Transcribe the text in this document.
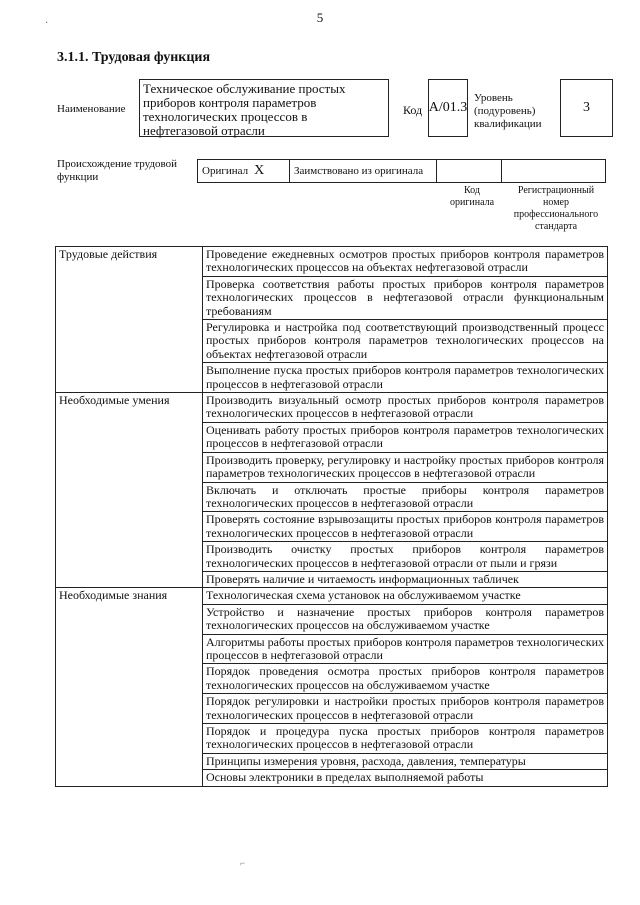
5
·
3.1.1. Трудовая функция
Наименование
Техническое обслуживание простых приборов контроля параметров технологических процессов в нефтегазовой отрасли
Код А/01.3
Уровень (подуровень) квалификации
3
Происхождение трудовой функции	Оригинал X	Заимствовано из оригинала		
Код оригинала
Регистрационный номер профессионального стандарта
Трудовые действия	Проведение ежедневных осмотров простых приборов контроля параметров технологических процессов на объектах нефтегазовой отрасли
	Проверка соответствия работы простых приборов контроля параметров технологических процессов в нефтегазовой отрасли функциональным требованиям
	Регулировка и настройка под соответствующий производственный процесс простых приборов контроля параметров технологических процессов на объектах нефтегазовой отрасли
	Выполнение пуска простых приборов контроля параметров технологических процессов в нефтегазовой отрасли
Необходимые умения	Производить визуальный осмотр простых приборов контроля параметров технологических процессов в нефтегазовой отрасли
	Оценивать работу простых приборов контроля параметров технологических процессов в нефтегазовой отрасли
	Производить проверку, регулировку и настройку простых приборов контроля параметров технологических процессов в нефтегазовой отрасли
	Включать и отключать простые приборы контроля параметров технологических процессов в нефтегазовой отрасли
	Проверять состояние взрывозащиты простых приборов контроля параметров технологических процессов в нефтегазовой отрасли
	Производить очистку простых приборов контроля параметров технологических процессов в нефтегазовой отрасли от пыли и грязи
	Проверять наличие и читаемость информационных табличек
Необходимые знания	Технологическая схема установок на обслуживаемом участке
	Устройство и назначение простых приборов контроля параметров технологических процессов на обслуживаемом участке
	Алгоритмы работы простых приборов контроля параметров технологических процессов в нефтегазовой отрасли
	Порядок проведения осмотра простых приборов контроля параметров технологических процессов на обслуживаемом участке
	Порядок регулировки и настройки простых приборов контроля параметров технологических процессов в нефтегазовой отрасли
	Порядок и процедура пуска простых приборов контроля параметров технологических процессов в нефтегазовой отрасли
	Принципы измерения уровня, расхода, давления, температуры
	Основы электроники в пределах выполняемой работы
⌐
